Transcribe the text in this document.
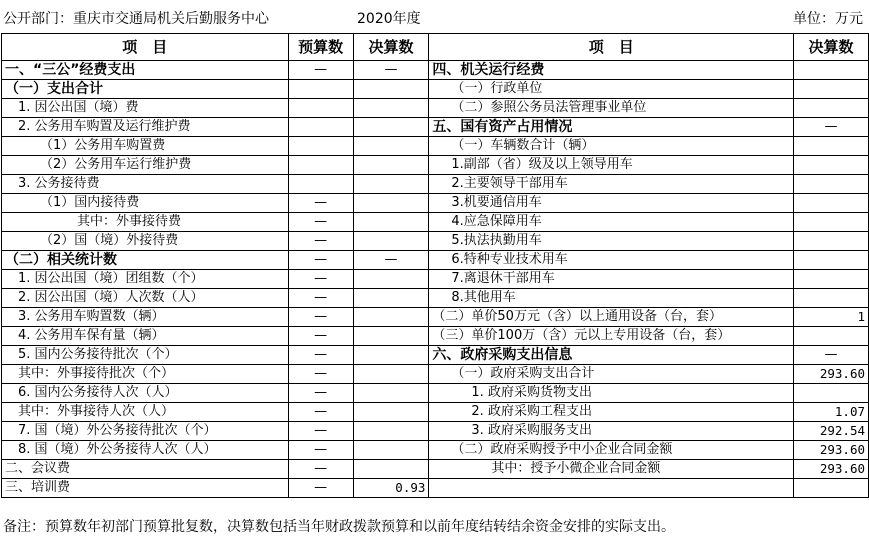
公开部门：重庆市交通局机关后勤服务中心	2020年度	单位：万元
项　目	预算数	决算数	项　目	决算数
一、“三公”经费支出	—	—	四、机关运行经费	
（一）支出合计			（一）行政单位	
1. 因公出国（境）费			（二）参照公务员法管理事业单位	
2. 公务用车购置及运行维护费			五、国有资产占用情况	—
（1）公务用车购置费			（一）车辆数合计（辆）	
（2）公务用车运行维护费			1.副部（省）级及以上领导用车	
3. 公务接待费			2.主要领导干部用车	
（1）国内接待费	—		3.机要通信用车	
其中：外事接待费	—		4.应急保障用车	
（2）国（境）外接待费	—		5.执法执勤用车	
（二）相关统计数	—	—	6.特种专业技术用车	
1. 因公出国（境）团组数（个）	—		7.离退休干部用车	
2. 因公出国（境）人次数（人）	—		8.其他用车	
3. 公务用车购置数（辆）	—		（二）单价50万元（含）以上通用设备（台，套）	1
4. 公务用车保有量（辆）	—		（三）单价100万（含）元以上专用设备（台，套）	
5. 国内公务接待批次（个）	—		六、政府采购支出信息	—
其中：外事接待批次（个）	—		（一）政府采购支出合计	293.60
6. 国内公务接待人次（人）	—		1. 政府采购货物支出	
其中：外事接待人次（人）	—		2. 政府采购工程支出	1.07
7. 国（境）外公务接待批次（个）	—		3. 政府采购服务支出	292.54
8. 国（境）外公务接待人次（人）	—		（二）政府采购授予中小企业合同金额	293.60
二、会议费	—		其中：授予小微企业合同金额	293.60
三、培训费	—	0.93		
备注：预算数年初部门预算批复数，决算数包括当年财政拨款预算和以前年度结转结余资金安排的实际支出。
